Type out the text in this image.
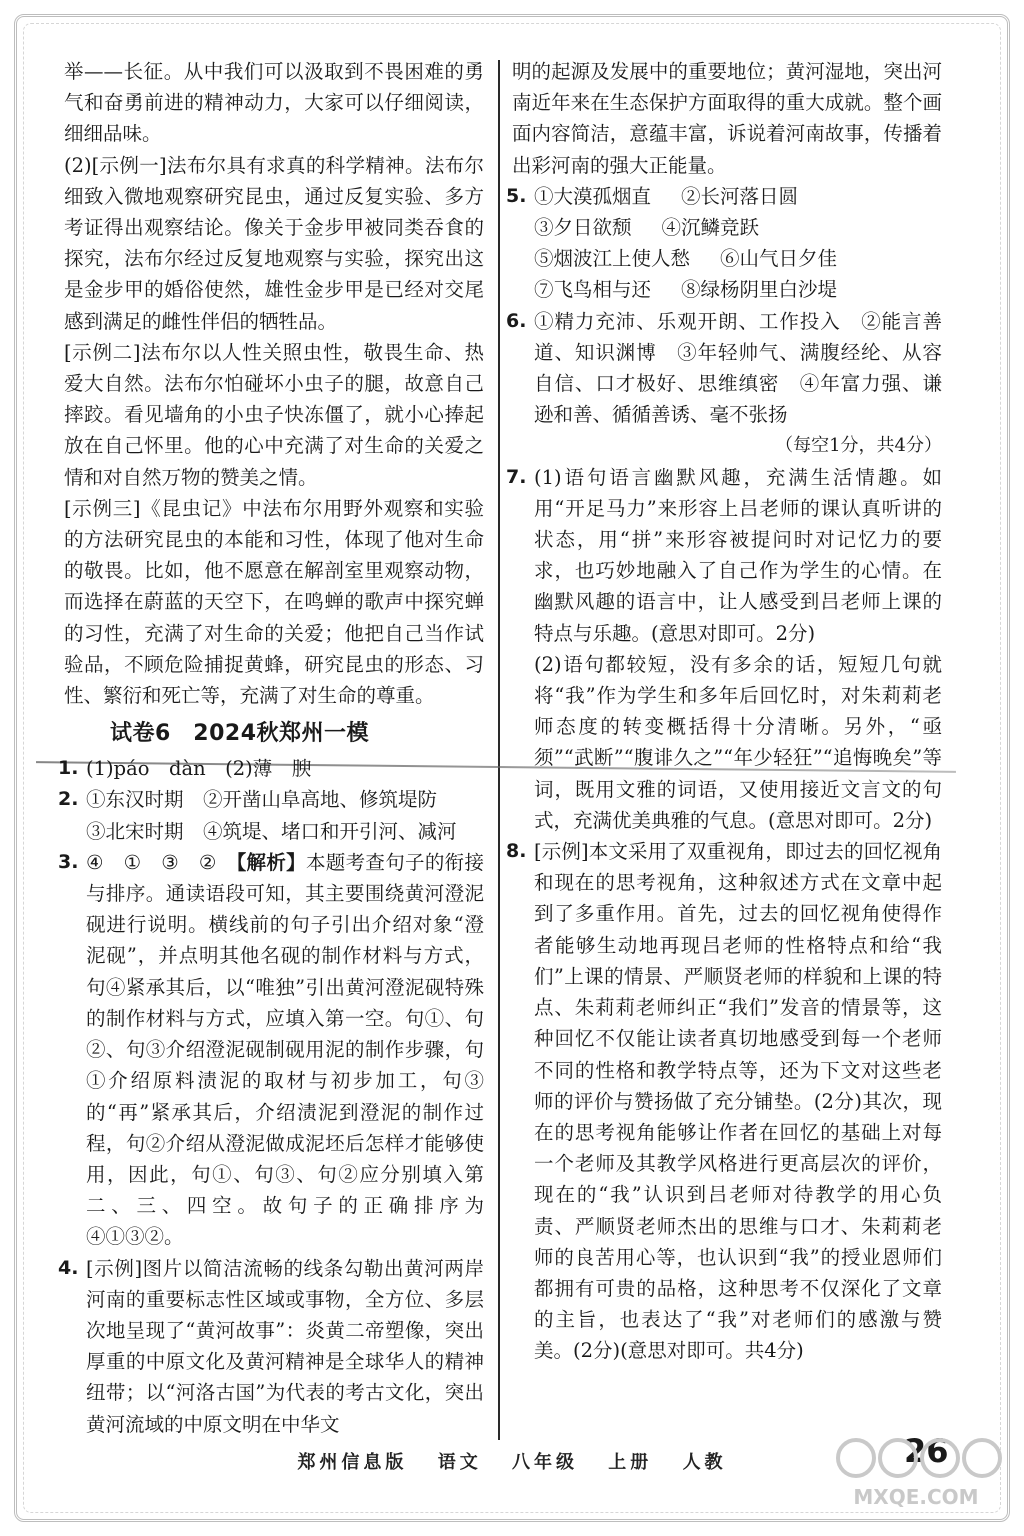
举——长征。从中我们可以汲取到不畏困难的勇气和奋勇前进的精神动力，大家可以仔细阅读，细细品味。

(2)[示例一]法布尔具有求真的科学精神。法布尔细致入微地观察研究昆虫，通过反复实验、多方考证得出观察结论。像关于金步甲被同类吞食的探究，法布尔经过反复地观察与实验，探究出这是金步甲的婚俗使然，雄性金步甲是已经对交尾感到满足的雌性伴侣的牺牲品。

[示例二]法布尔以人性关照虫性，敬畏生命、热爱大自然。法布尔怕碰坏小虫子的腿，故意自己摔跤。看见墙角的小虫子快冻僵了，就小心捧起放在自己怀里。他的心中充满了对生命的关爱之情和对自然万物的赞美之情。

[示例三]《昆虫记》中法布尔用野外观察和实验的方法研究昆虫的本能和习性，体现了他对生命的敬畏。比如，他不愿意在解剖室里观察动物，而选择在蔚蓝的天空下，在鸣蝉的歌声中探究蝉的习性，充满了对生命的关爱；他把自己当作试验品，不顾危险捕捉黄蜂，研究昆虫的形态、习性、繁衍和死亡等，充满了对生命的尊重。

试卷6　2024秋郑州一模
1. (1)páo　dàn　(2)薄　腴
2. ①东汉时期　②开凿山阜高地、修筑堤防
③北宋时期　④筑堤、堵口和开引河、减河
3. ④　①　③　②　【解析】本题考查句子的衔接与排序。通读语段可知，其主要围绕黄河澄泥砚进行说明。横线前的句子引出介绍对象“澄泥砚”，并点明其他名砚的制作材料与方式，句④紧承其后，以“唯独”引出黄河澄泥砚特殊的制作材料与方式，应填入第一空。句①、句②、句③介绍澄泥砚制砚用泥的制作步骤，句①介绍原料渍泥的取材与初步加工，句③的“再”紧承其后，介绍渍泥到澄泥的制作过程，句②介绍从澄泥做成泥坯后怎样才能够使用，因此，句①、句③、句②应分别填入第二、三、四空。故句子的正确排序为④①③②。
4. [示例]图片以简洁流畅的线条勾勒出黄河两岸河南的重要标志性区域或事物，全方位、多层次地呈现了“黄河故事”：炎黄二帝塑像，突出厚重的中原文化及黄河精神是全球华人的精神纽带；以“河洛古国”为代表的考古文化，突出黄河流域的中原文明在中华文

明的起源及发展中的重要地位；黄河湿地，突出河南近年来在生态保护方面取得的重大成就。整个画面内容简洁，意蕴丰富，诉说着河南故事，传播着出彩河南的强大正能量。

5. ①大漠孤烟直 ②长河落日圆
③夕日欲颓 ④沉鳞竞跃
⑤烟波江上使人愁 ⑥山气日夕佳
⑦飞鸟相与还 ⑧绿杨阴里白沙堤
6. ①精力充沛、乐观开朗、工作投入　②能言善道、知识渊博　③年轻帅气、满腹经纶、从容自信、口才极好、思维缜密　④年富力强、谦逊和善、循循善诱、毫不张扬
（每空1分，共4分）
7. (1)语句语言幽默风趣，充满生活情趣。如用“开足马力”来形容上吕老师的课认真听讲的状态，用“拼”来形容被提问时对记忆力的要求，也巧妙地融入了自己作为学生的心情。在幽默风趣的语言中，让人感受到吕老师上课的特点与乐趣。(意思对即可。2分)

(2)语句都较短，没有多余的话，短短几句就将“我”作为学生和多年后回忆时，对朱莉莉老师态度的转变概括得十分清晰。另外，“亟须”“武断”“腹诽久之”“年少轻狂”“追悔晚矣”等词，既用文雅的词语，又使用接近文言文的句式，充满优美典雅的气息。(意思对即可。2分)

8. [示例]本文采用了双重视角，即过去的回忆视角和现在的思考视角，这种叙述方式在文章中起到了多重作用。首先，过去的回忆视角使得作者能够生动地再现吕老师的性格特点和给“我们”上课的情景、严顺贤老师的样貌和上课的特点、朱莉莉老师纠正“我们”发音的情景等，这种回忆不仅能让读者真切地感受到每一个老师不同的性格和教学特点等，还为下文对这些老师的评价与赞扬做了充分铺垫。(2分)其次，现在的思考视角能够让作者在回忆的基础上对每一个老师及其教学风格进行更高层次的评价，现在的“我”认识到吕老师对待教学的用心负责、严顺贤老师杰出的思维与口才、朱莉莉老师的良苦用心等，也认识到“我”的授业恩师们都拥有可贵的品格，这种思考不仅深化了文章的主旨，也表达了“我”对老师们的感激与赞美。(2分)(意思对即可。共4分)
郑州信息版 语文 八年级 上册 人教	26
MXQE.COM
